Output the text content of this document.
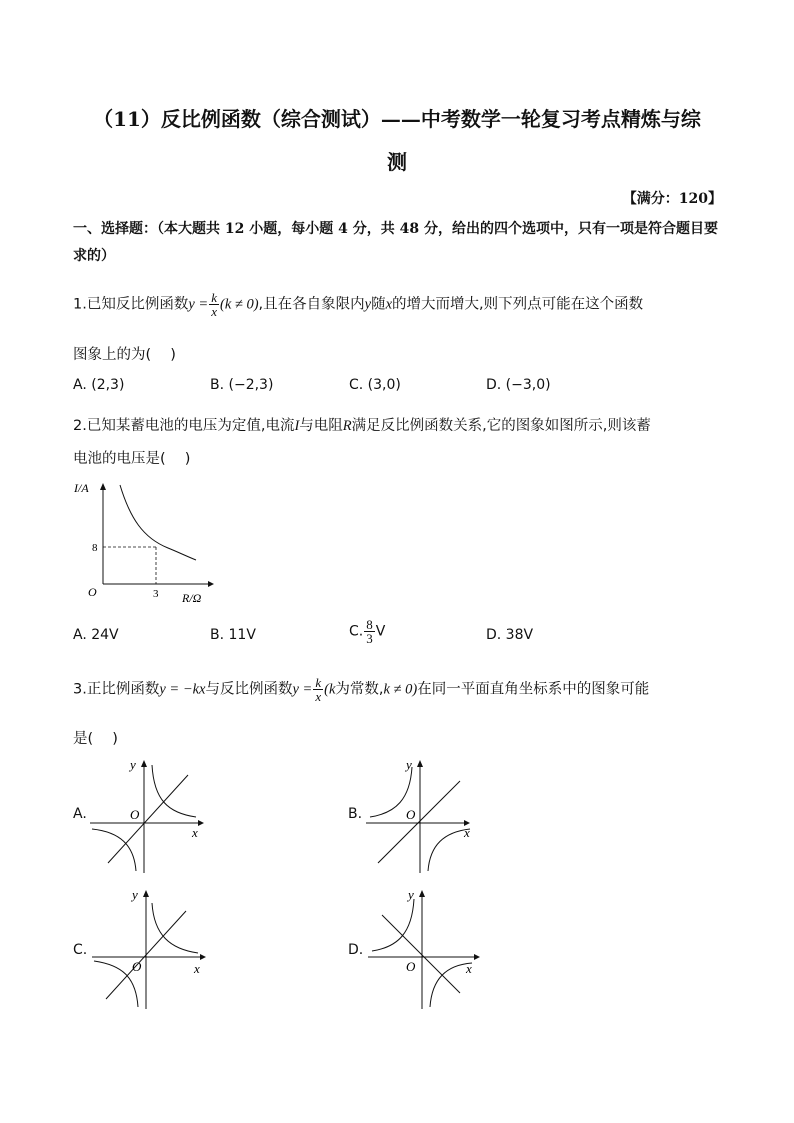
（11）反比例函数（综合测试）——中考数学一轮复习考点精炼与综
测
【满分：120】
一、选择题：（本大题共 12 小题，每小题 4 分，共 48 分，给出的四个选项中，只有一项是符合题目要求的）
1.已知反比例函数$y = \frac{k}{x} (k \ne 0)$,且在各自象限内y随x的增大而增大,则下列点可能在这个函数
图象上的为(　 )
A. (2,3)	B. (−2,3)	C. (3,0)	D. (−3,0)
2.已知某蓄电池的电压为定值,电流I与电阻R满足反比例函数关系,它的图象如图所示,则该蓄
电池的电压是(　 )
I/A
R/Ω
O
8
3
A. 24V	B. 11V	C. $\frac{8}{3}$ V	D. 38V
3.正比例函数y = −kx与反比例函数$y = \frac{k}{x} (k$为常数,k ≠ 0)在同一平面直角坐标系中的图象可能
是(　 )
A.
y
x
O	B.
y
x
O
C.
y
x
O
D.
y
x
O
